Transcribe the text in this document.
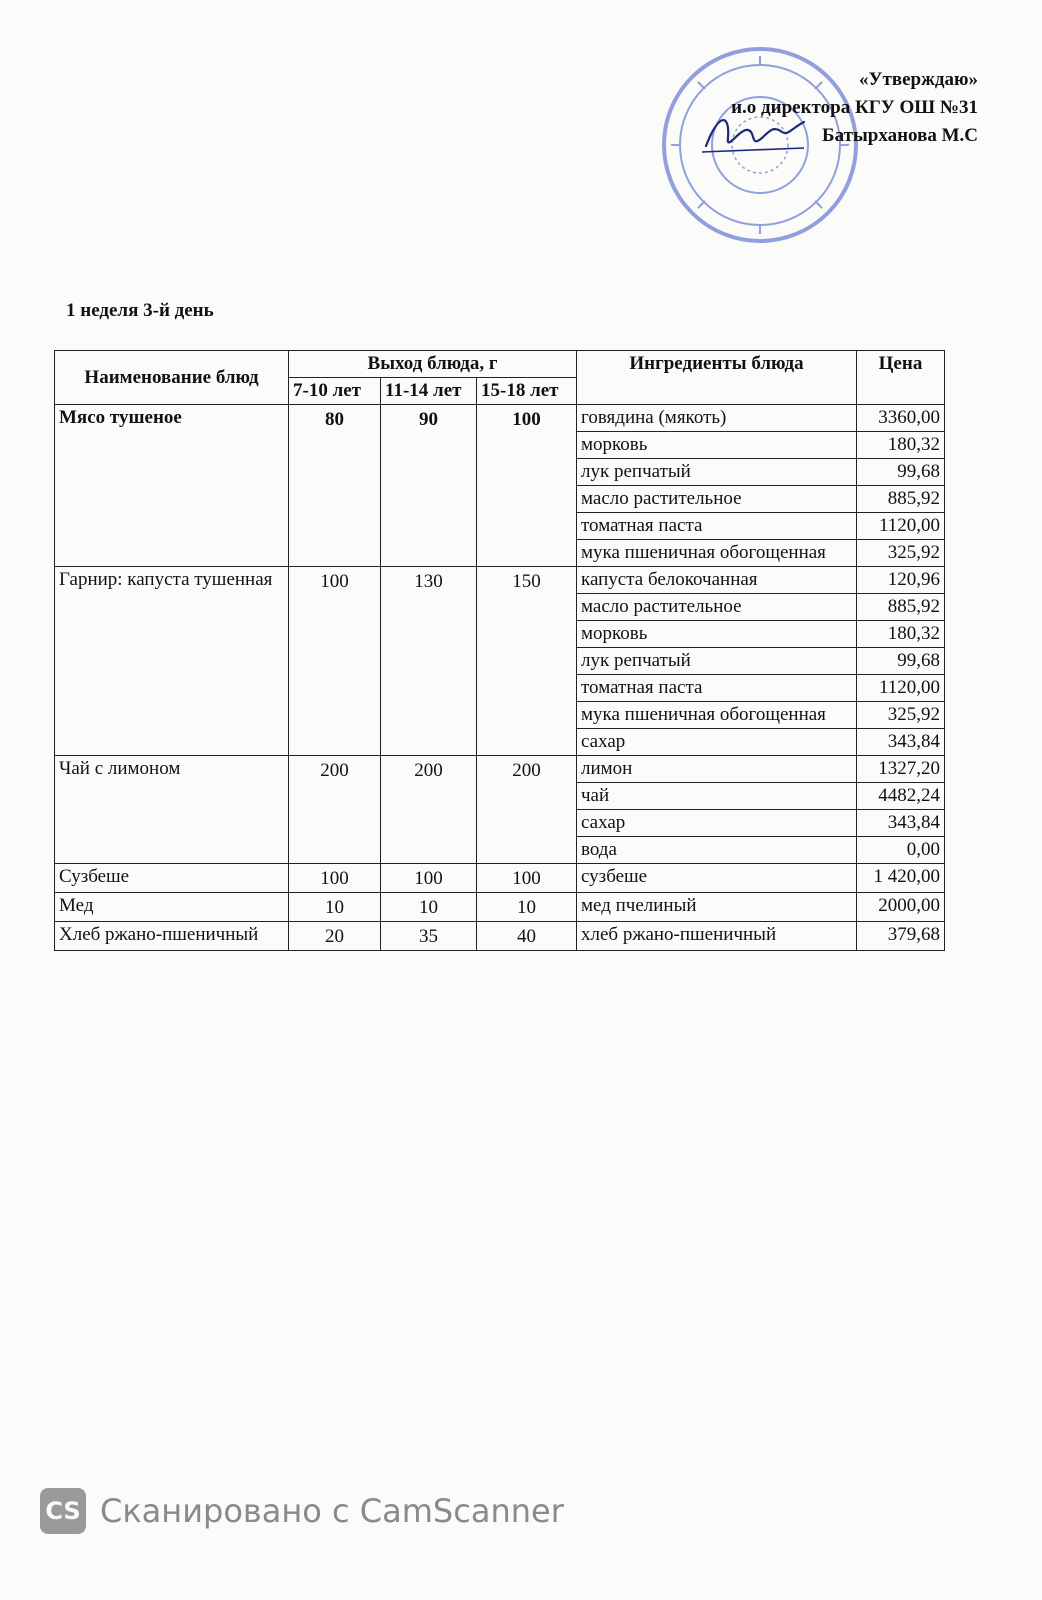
«Утверждаю»
и.о директора КГУ ОШ №31
Батырханова М.С
1 неделя 3-й день
Наименование блюд	Выход блюда, г			Ингредиенты блюда	Цена
	7-10 лет	11-14 лет	15-18 лет		
Мясо тушеное	80	90	100	говядина (мякоть)	3360,00
				морковь	180,32
				лук репчатый	99,68
				масло растительное	885,92
				томатная паста	1120,00
				мука пшеничная обогощенная	325,92
Гарнир: капуста тушенная	100	130	150	капуста белокочанная	120,96
				масло растительное	885,92
				морковь	180,32
				лук репчатый	99,68
				томатная паста	1120,00
				мука пшеничная обогощенная	325,92
				сахар	343,84
Чай с лимоном	200	200	200	лимон	1327,20
				чай	4482,24
				сахар	343,84
				вода	0,00
Сузбеше	100	100	100	сузбеше	1 420,00
Мед	10	10	10	мед пчелиный	2000,00
Хлеб ржано-пшеничный	20	35	40	хлеб ржано-пшеничный	379,68
CS Сканировано с CamScanner
